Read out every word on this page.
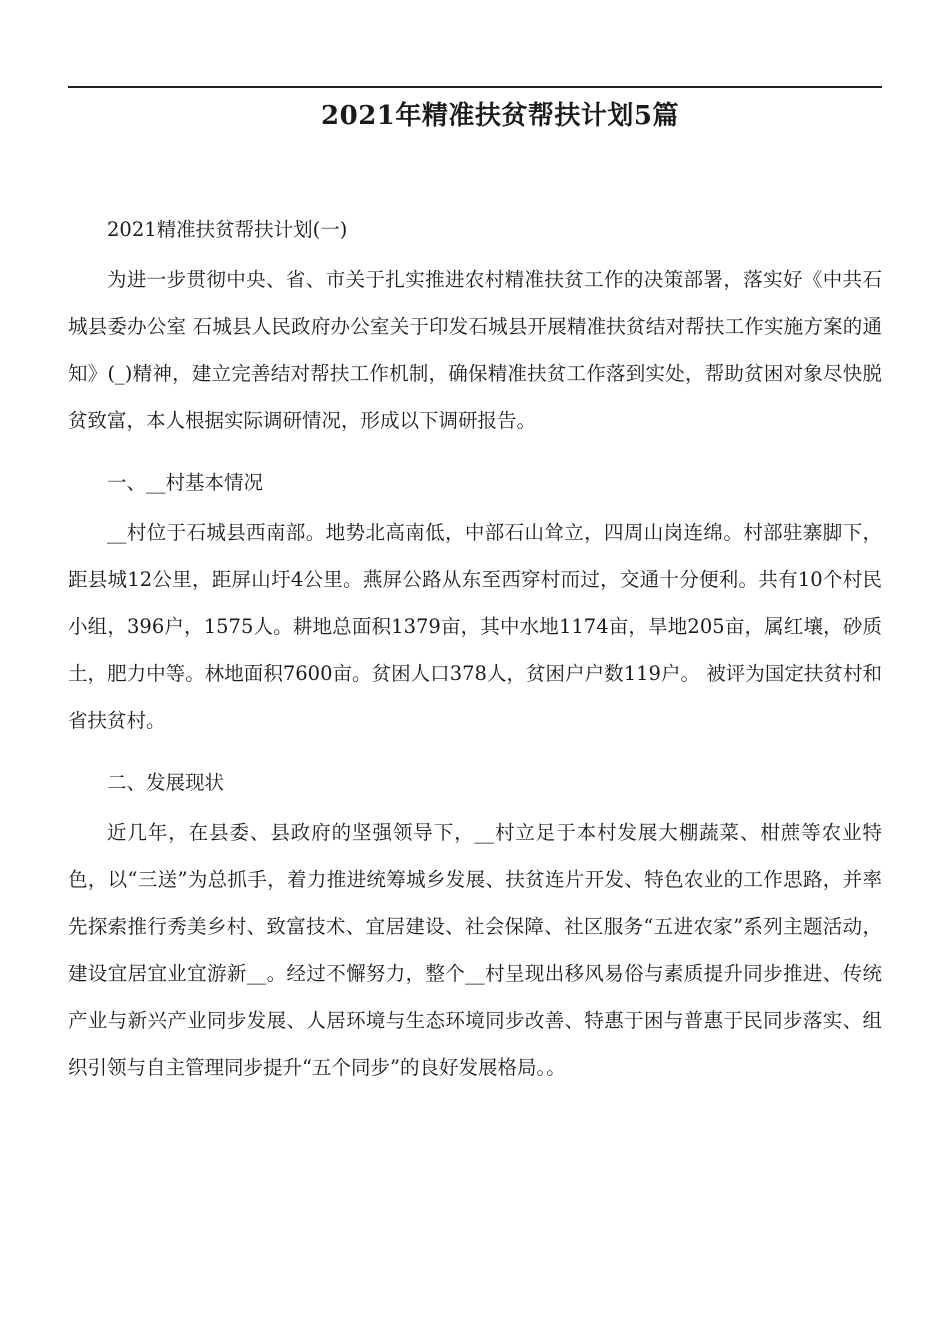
2021年精准扶贫帮扶计划5篇

2021精准扶贫帮扶计划(一)

为进一步贯彻中央、省、市关于扎实推进农村精准扶贫工作的决策部署，落实好《中共石城县委办公室 石城县人民政府办公室关于印发石城县开展精准扶贫结对帮扶工作实施方案的通知》(_)精神，建立完善结对帮扶工作机制，确保精准扶贫工作落到实处，帮助贫困对象尽快脱贫致富，本人根据实际调研情况，形成以下调研报告。

一、__村基本情况

__村位于石城县西南部。地势北高南低，中部石山耸立，四周山岗连绵。村部驻寨脚下，距县城12公里，距屏山圩4公里。燕屏公路从东至西穿村而过，交通十分便利。共有10个村民小组，396户，1575人。耕地总面积1379亩，其中水地1174亩，旱地205亩，属红壤，砂质土，肥力中等。林地面积7600亩。贫困人口378人，贫困户户数119户。 被评为国定扶贫村和省扶贫村。

二、发展现状

近几年，在县委、县政府的坚强领导下，__村立足于本村发展大棚蔬菜、柑蔗等农业特色，以“三送”为总抓手，着力推进统筹城乡发展、扶贫连片开发、特色农业的工作思路，并率先探索推行秀美乡村、致富技术、宜居建设、社会保障、社区服务“五进农家”系列主题活动，建设宜居宜业宜游新__。经过不懈努力，整个__村呈现出移风易俗与素质提升同步推进、传统产业与新兴产业同步发展、人居环境与生态环境同步改善、特惠于困与普惠于民同步落实、组织引领与自主管理同步提升“五个同步”的良好发展格局。。
